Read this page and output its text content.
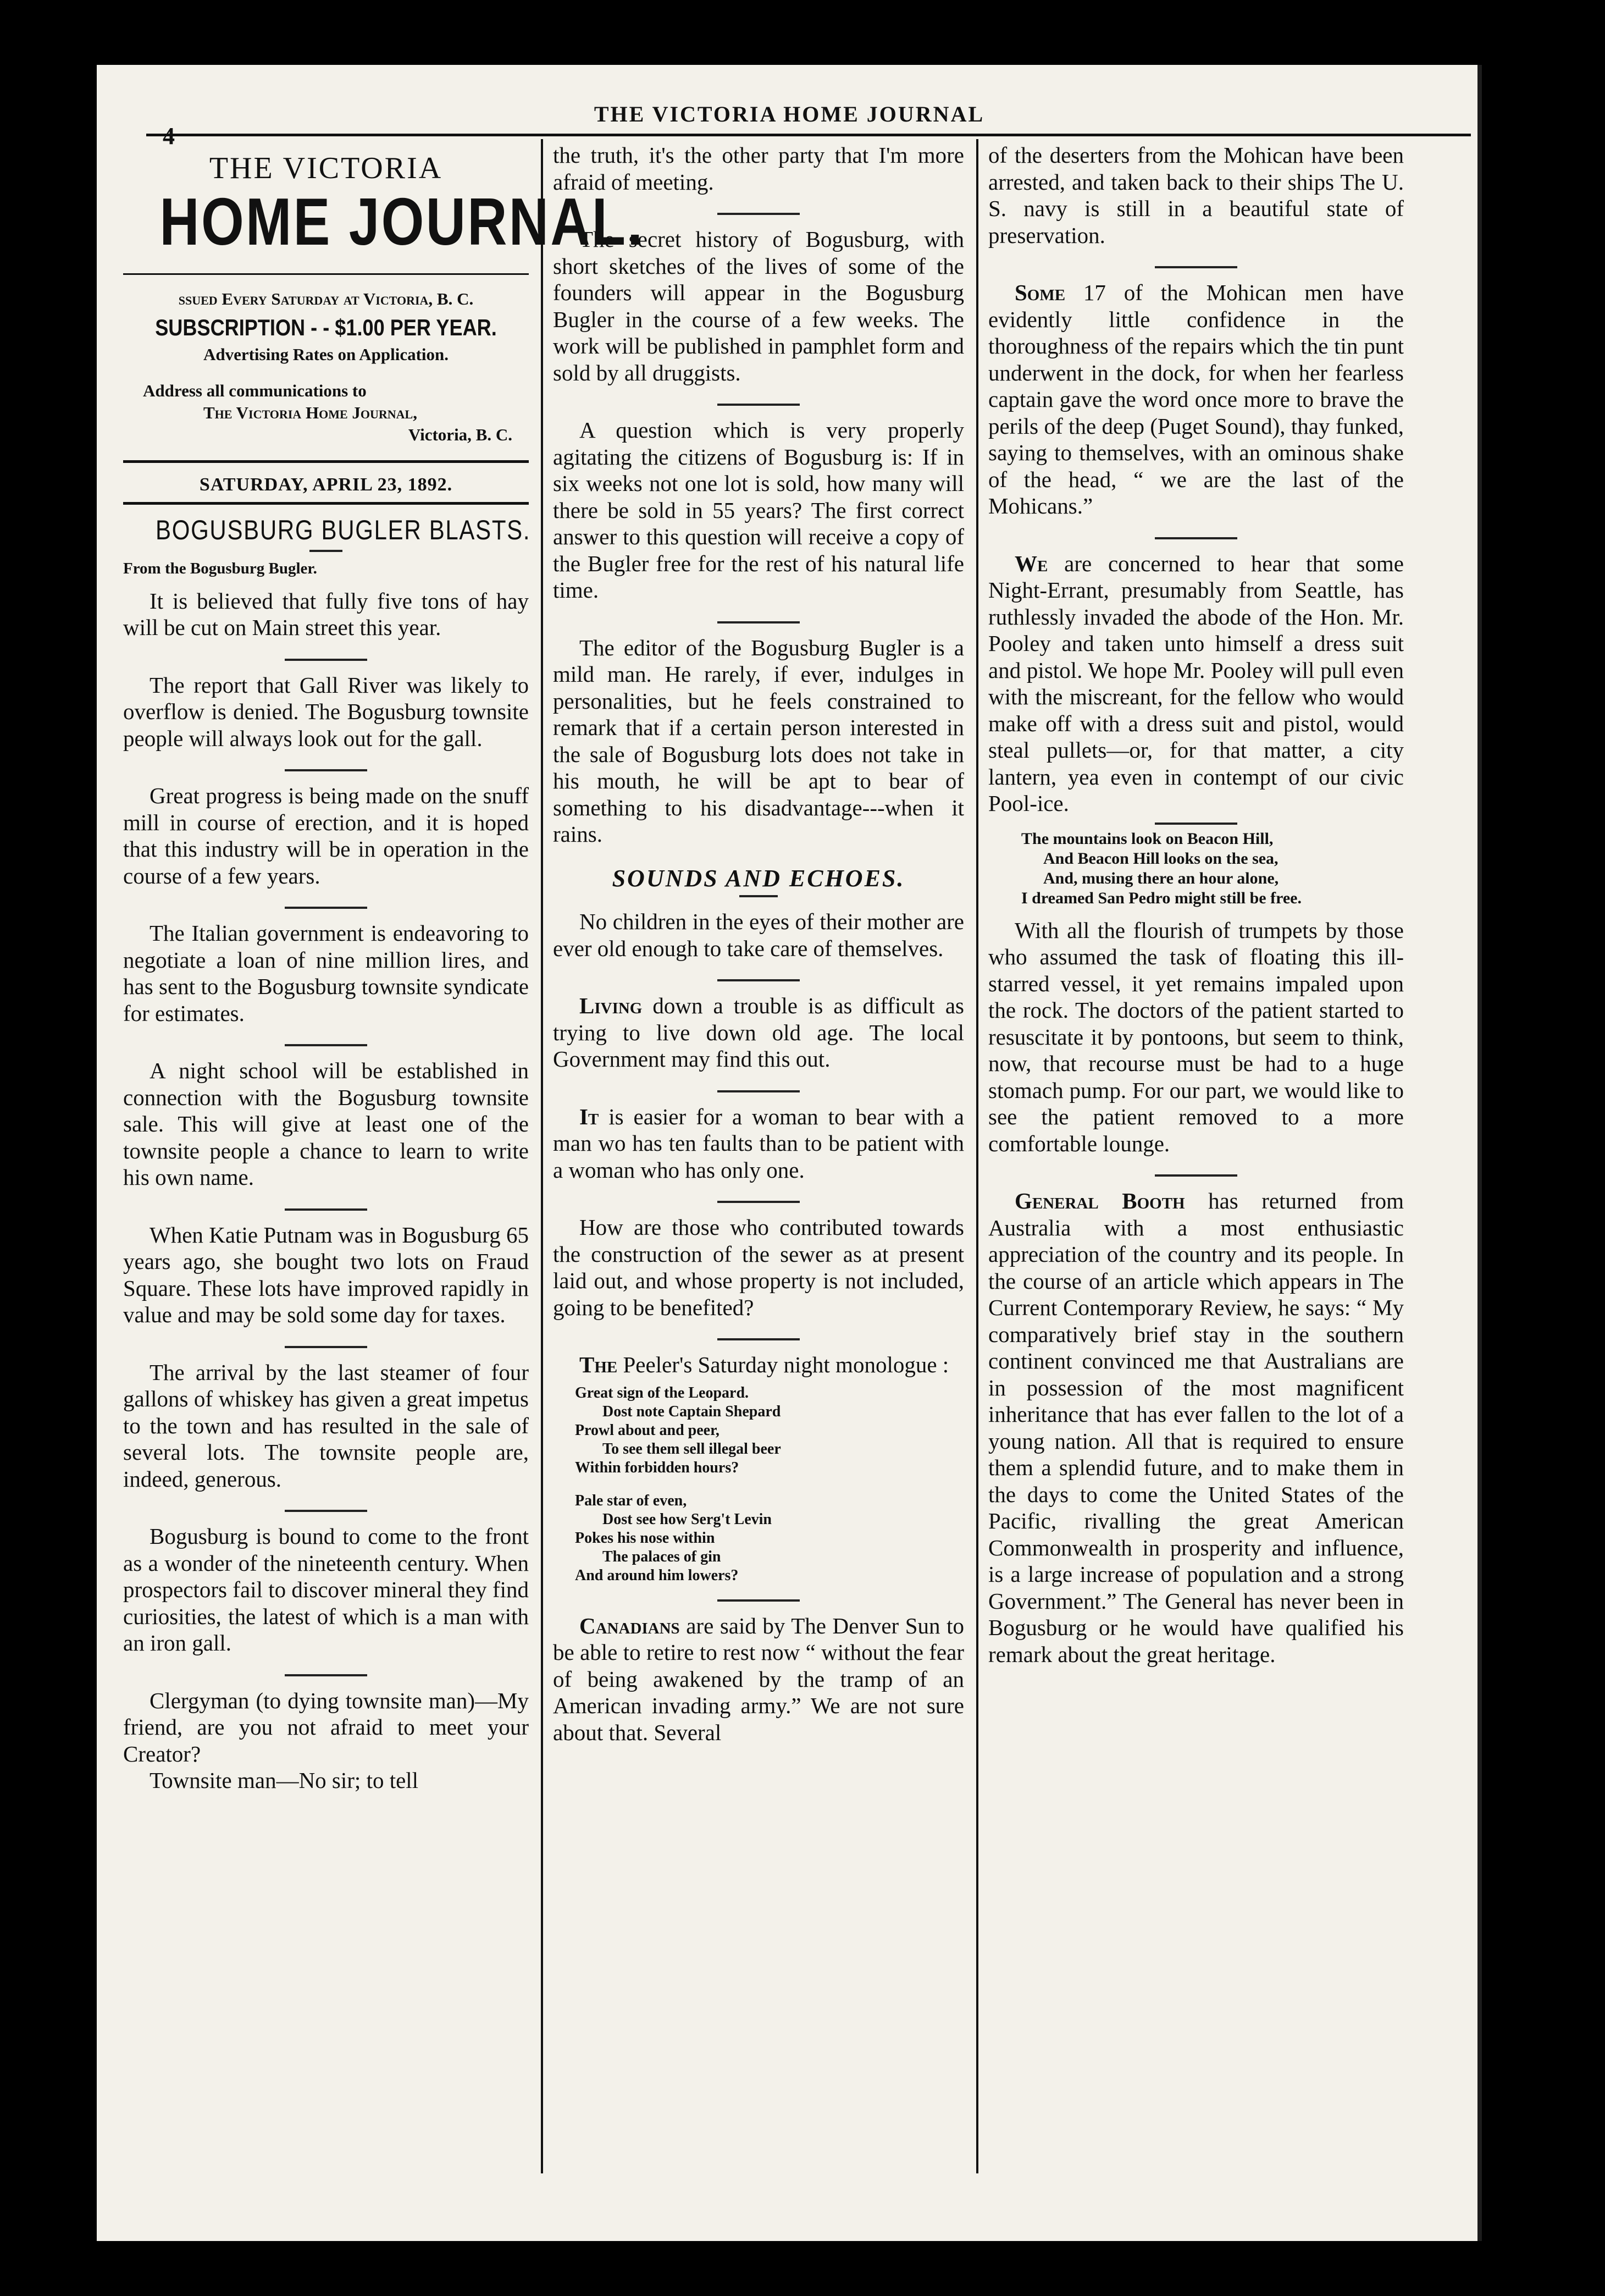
4
THE VICTORIA HOME JOURNAL
THE VICTORIA
HOME JOURNAL.
ssued Every Saturday at Victoria, B. C.
SUBSCRIPTION - - $1.00 PER YEAR.
Advertising Rates on Application.
Address all communications to
The Victoria Home Journal,
Victoria, B. C.
SATURDAY, APRIL 23, 1892.
BOGUSBURG BUGLER BLASTS.
From the Bogusburg Bugler.

It is believed that fully five tons of hay will be cut on Main street this year.

The report that Gall River was likely to overflow is denied. The Bogusburg townsite people will always look out for the gall.

Great progress is being made on the snuff mill in course of erection, and it is hoped that this industry will be in operation in the course of a few years.

The Italian government is endeavoring to negotiate a loan of nine million lires, and has sent to the Bogusburg townsite syndicate for estimates.

A night school will be established in connection with the Bogusburg townsite sale. This will give at least one of the townsite people a chance to learn to write his own name.

When Katie Putnam was in Bogusburg 65 years ago, she bought two lots on Fraud Square. These lots have improved rapidly in value and may be sold some day for taxes.

The arrival by the last steamer of four gallons of whiskey has given a great impetus to the town and has resulted in the sale of several lots. The townsite people are, indeed, generous.

Bogusburg is bound to come to the front as a wonder of the nineteenth century. When prospectors fail to discover mineral they find curiosities, the latest of which is a man with an iron gall.

Clergyman (to dying townsite man)—My friend, are you not afraid to meet your Creator?

Townsite man—No sir; to tell

the truth, it's the other party that I'm more afraid of meeting.

The secret history of Bogusburg, with short sketches of the lives of some of the founders will appear in the Bogusburg Bugler in the course of a few weeks. The work will be published in pamphlet form and sold by all druggists.

A question which is very properly agitating the citizens of Bogusburg is: If in six weeks not one lot is sold, how many will there be sold in 55 years? The first correct answer to this question will receive a copy of the Bugler free for the rest of his natural life time.

The editor of the Bogusburg Bugler is a mild man. He rarely, if ever, indulges in personalities, but he feels constrained to remark that if a certain person interested in the sale of Bogusburg lots does not take in his mouth, he will be apt to bear of something to his disadvantage---when it rains.

SOUNDS AND ECHOES.

No children in the eyes of their mother are ever old enough to take care of themselves.

Living down a trouble is as difficult as trying to live down old age. The local Government may find this out.

It is easier for a woman to bear with a man wo has ten faults than to be patient with a woman who has only one.

How are those who contributed towards the construction of the sewer as at present laid out, and whose property is not included, going to be benefited?

The Peeler's Saturday night monologue :

Great sign of the Leopard.
Dost note Captain Shepard
Prowl about and peer,
To see them sell illegal beer
Within forbidden hours?
Pale star of even,
Dost see how Serg't Levin
Pokes his nose within
The palaces of gin
And around him lowers?

Canadians are said by The Denver Sun to be able to retire to rest now “ without the fear of being awakened by the tramp of an American invading army.” We are not sure about that. Several

of the deserters from the Mohican have been arrested, and taken back to their ships The U. S. navy is still in a beautiful state of preservation.

Some 17 of the Mohican men have evidently little confidence in the thoroughness of the repairs which the tin punt underwent in the dock, for when her fearless captain gave the word once more to brave the perils of the deep (Puget Sound), thay funked, saying to themselves, with an ominous shake of the head, “ we are the last of the Mohicans.”

We are concerned to hear that some Night-Errant, presumably from Seattle, has ruthlessly invaded the abode of the Hon. Mr. Pooley and taken unto himself a dress suit and pistol. We hope Mr. Pooley will pull even with the miscreant, for the fellow who would make off with a dress suit and pistol, would steal pullets—or, for that matter, a city lantern, yea even in contempt of our civic Pool-ice.

The mountains look on Beacon Hill,
And Beacon Hill looks on the sea,
And, musing there an hour alone,
I dreamed San Pedro might still be free.

With all the flourish of trumpets by those who assumed the task of floating this ill-starred vessel, it yet remains impaled upon the rock. The doctors of the patient started to resuscitate it by pontoons, but seem to think, now, that recourse must be had to a huge stomach pump. For our part, we would like to see the patient removed to a more comfortable lounge.

General Booth has returned from Australia with a most enthusiastic appreciation of the country and its people. In the course of an article which appears in The Current Contemporary Review, he says: “ My comparatively brief stay in the southern continent convinced me that Australians are in possession of the most magnificent inheritance that has ever fallen to the lot of a young nation. All that is required to ensure them a splendid future, and to make them in the days to come the United States of the Pacific, rivalling the great American Commonwealth in prosperity and influence, is a large increase of population and a strong Government.” The General has never been in Bogusburg or he would have qualified his remark about the great heritage.
